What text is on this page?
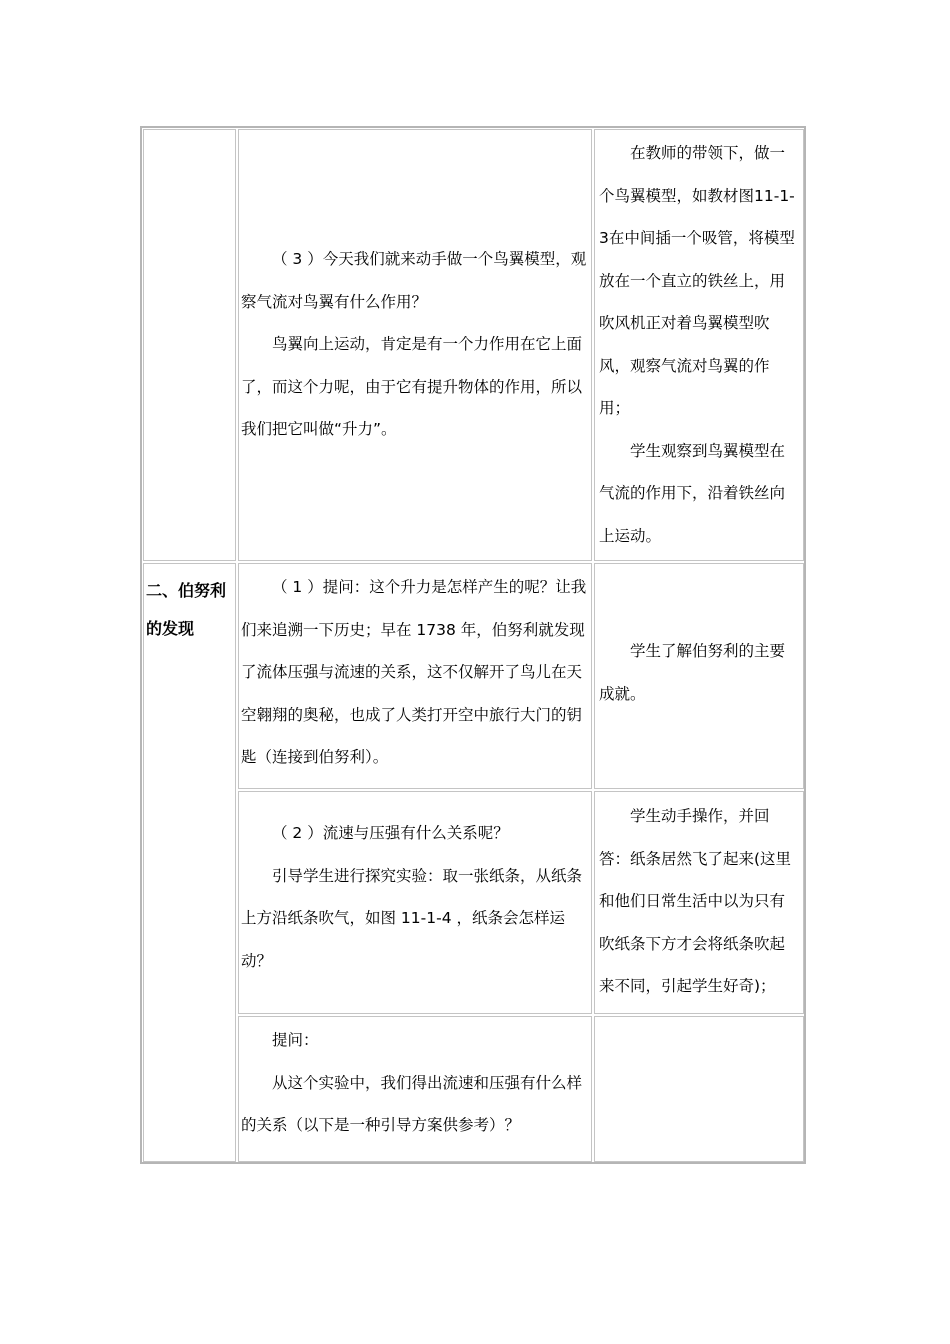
（ 3 ）今天我们就来动手做一个鸟翼模型，观察气流对鸟翼有什么作用？

鸟翼向上运动，肯定是有一个力作用在它上面了，而这个力呢，由于它有提升物体的作用，所以我们把它叫做“升力”。

在教师的带领下，做一个鸟翼模型，如教材图11-1-3在中间插一个吸管，将模型放在一个直立的铁丝上，用吹风机正对着鸟翼模型吹风，观察气流对鸟翼的作用；

学生观察到鸟翼模型在气流的作用下，沿着铁丝向上运动。

二、伯努利的发现

（ 1 ）提问：这个升力是怎样产生的呢？让我们来追溯一下历史；早在 1738 年，伯努利就发现了流体压强与流速的关系，这不仅解开了鸟儿在天空翱翔的奥秘，也成了人类打开空中旅行大门的钥匙（连接到伯努利）。

学生了解伯努利的主要成就。

（ 2 ）流速与压强有什么关系呢？

引导学生进行探究实验：取一张纸条，从纸条上方沿纸条吹气，如图 11-1-4 ，纸条会怎样运动？

学生动手操作，并回答：纸条居然飞了起来(这里和他们日常生活中以为只有吹纸条下方才会将纸条吹起来不同，引起学生好奇)；

提问：

从这个实验中，我们得出流速和压强有什么样的关系（以下是一种引导方案供参考）？
